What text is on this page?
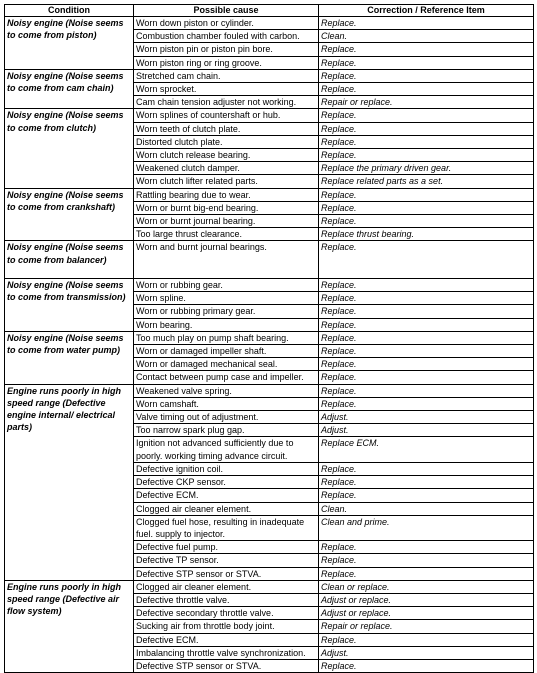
Condition	Possible cause	Correction / Reference Item
Noisy engine (Noise seems to come from piston)	Worn down piston or cylinder.	Replace.
	Combustion chamber fouled with carbon.	Clean.
	Worn piston pin or piston pin bore.	Replace.
	Worn piston ring or ring groove.	Replace.
Noisy engine (Noise seems to come from cam chain)	Stretched cam chain.	Replace.
	Worn sprocket.	Replace.
	Cam chain tension adjuster not working.	Repair or replace.
Noisy engine (Noise seems to come from clutch)	Worn splines of countershaft or hub.	Replace.
	Worn teeth of clutch plate.	Replace.
	Distorted clutch plate.	Replace.
	Worn clutch release bearing.	Replace.
	Weakened clutch damper.	Replace the primary driven gear.
	Worn clutch lifter related parts.	Replace related parts as a set.
Noisy engine (Noise seems to come from crankshaft)	Rattling bearing due to wear.	Replace.
	Worn or burnt big-end bearing.	Replace.
	Worn or burnt journal bearing.	Replace.
	Too large thrust clearance.	Replace thrust bearing.
Noisy engine (Noise seems to come from balancer)	Worn and burnt journal bearings.	Replace.
Noisy engine (Noise seems to come from transmission)	Worn or rubbing gear.	Replace.
	Worn spline.	Replace.
	Worn or rubbing primary gear.	Replace.
	Worn bearing.	Replace.
Noisy engine (Noise seems to come from water pump)	Too much play on pump shaft bearing.	Replace.
	Worn or damaged impeller shaft.	Replace.
	Worn or damaged mechanical seal.	Replace.
	Contact between pump case and impeller.	Replace.
Engine runs poorly in high speed range (Defective engine internal/ electrical parts)	Weakened valve spring.	Replace.
	Worn camshaft.	Replace.
	Valve timing out of adjustment.	Adjust.
	Too narrow spark plug gap.	Adjust.
	Ignition not advanced sufficiently due to poorly. working timing advance circuit.	Replace ECM.
	Defective ignition coil.	Replace.
	Defective CKP sensor.	Replace.
	Defective ECM.	Replace.
	Clogged air cleaner element.	Clean.
	Clogged fuel hose, resulting in inadequate fuel. supply to injector.	Clean and prime.
	Defective fuel pump.	Replace.
	Defective TP sensor.	Replace.
	Defective STP sensor or STVA.	Replace.
Engine runs poorly in high speed range (Defective air flow system)	Clogged air cleaner element.	Clean or replace.
	Defective throttle valve.	Adjust or replace.
	Defective secondary throttle valve.	Adjust or replace.
	Sucking air from throttle body joint.	Repair or replace.
	Defective ECM.	Replace.
	Imbalancing throttle valve synchronization.	Adjust.
	Defective STP sensor or STVA.	Replace.
